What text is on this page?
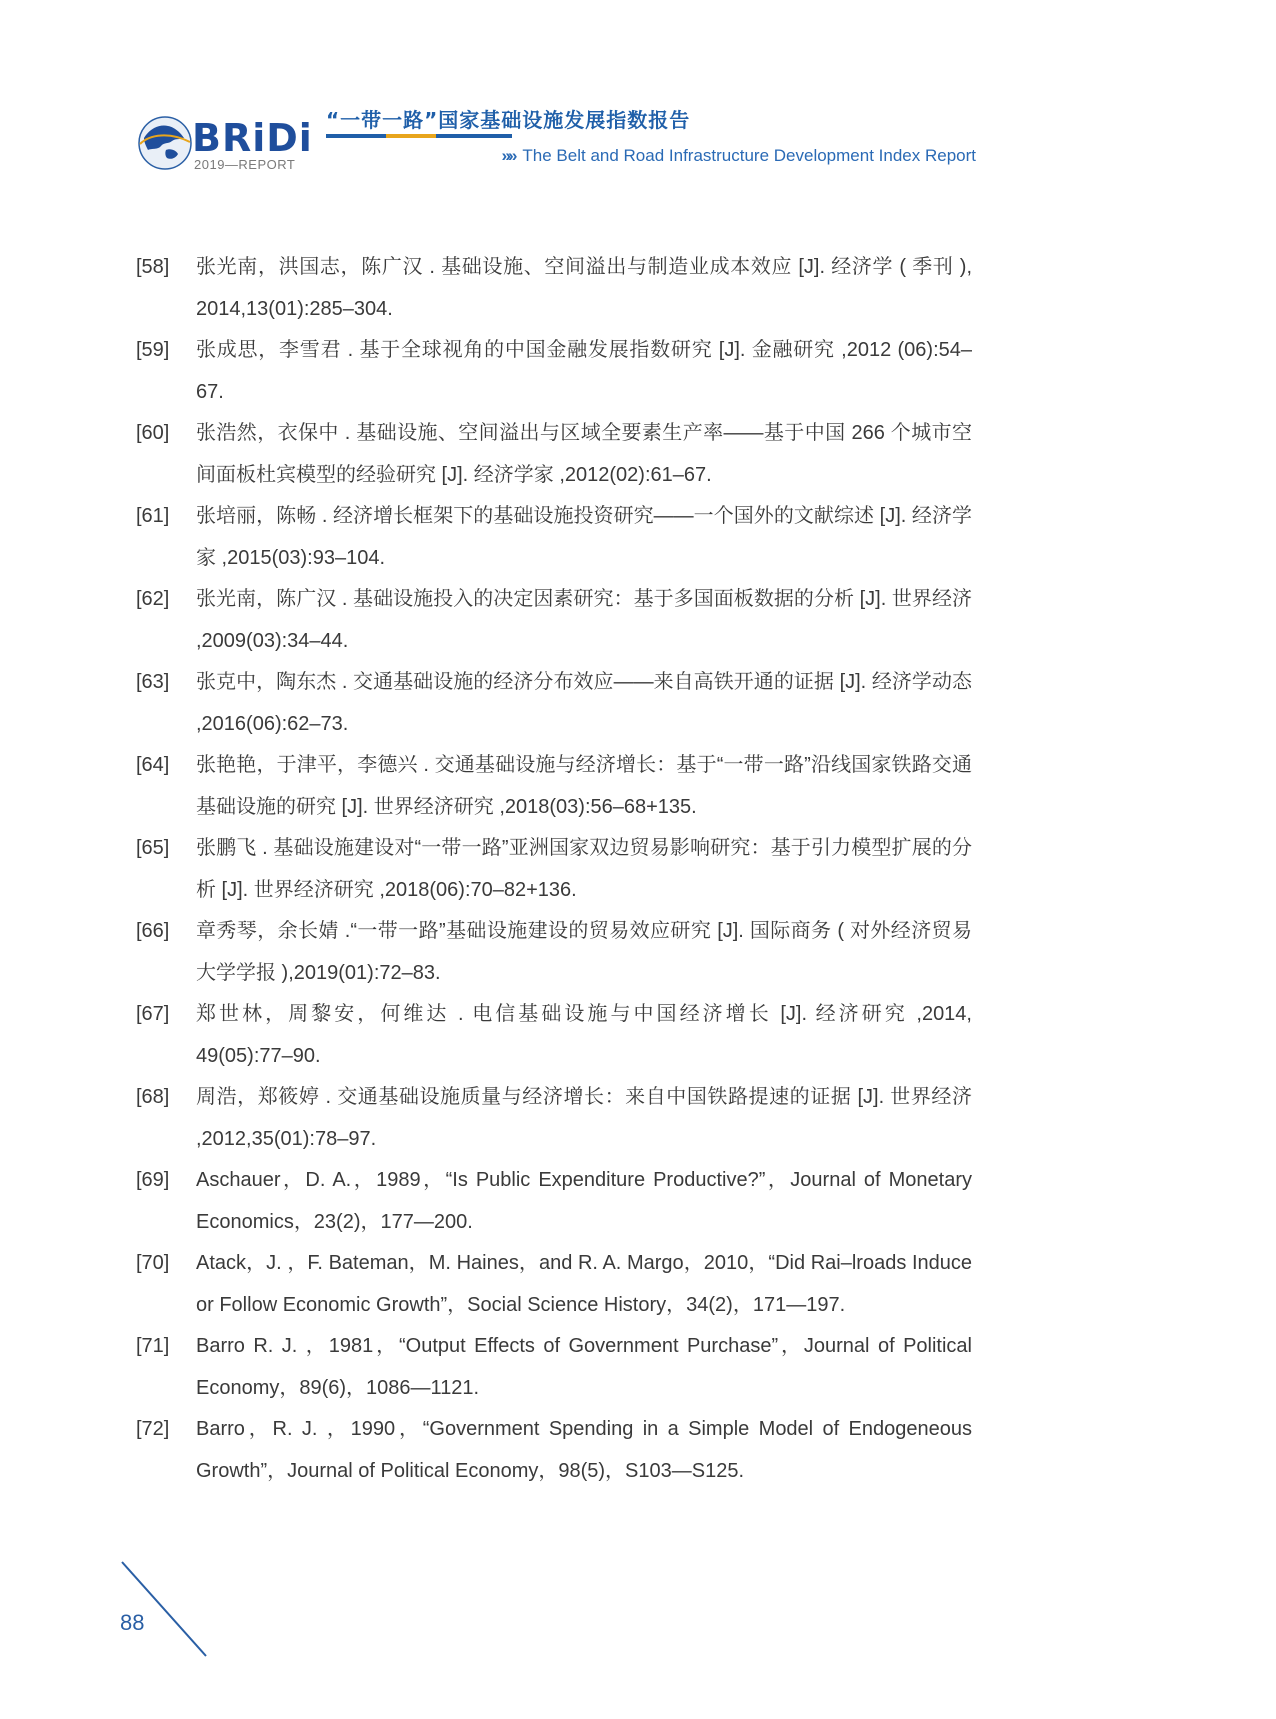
BRiDi
2019—REPORT
“一带一路”国家基础设施发展指数报告
»» The Belt and Road Infrastructure Development Index Report
[58]	张光南，洪国志，陈广汉 . 基础设施、空间溢出与制造业成本效应 [J]. 经济学 ( 季刊 ), 2014,13(01):285–304.
[59]	张成思，李雪君 . 基于全球视角的中国金融发展指数研究 [J]. 金融研究 ,2012 (06):54–67.
[60]	张浩然，衣保中 . 基础设施、空间溢出与区域全要素生产率——基于中国 266 个城市空间面板杜宾模型的经验研究 [J]. 经济学家 ,2012(02):61–67.
[61]	张培丽，陈畅 . 经济增长框架下的基础设施投资研究——一个国外的文献综述 [J]. 经济学家 ,2015(03):93–104.
[62]	张光南，陈广汉 . 基础设施投入的决定因素研究：基于多国面板数据的分析 [J]. 世界经济 ,2009(03):34–44.
[63]	张克中，陶东杰 . 交通基础设施的经济分布效应——来自高铁开通的证据 [J]. 经济学动态 ,2016(06):62–73.
[64]	张艳艳，于津平，李德兴 . 交通基础设施与经济增长：基于“一带一路”沿线国家铁路交通基础设施的研究 [J]. 世界经济研究 ,2018(03):56–68+135.
[65]	张鹏飞 . 基础设施建设对“一带一路”亚洲国家双边贸易影响研究：基于引力模型扩展的分析 [J]. 世界经济研究 ,2018(06):70–82+136.
[66]	章秀琴，余长婧 .“一带一路”基础设施建设的贸易效应研究 [J]. 国际商务 ( 对外经济贸易大学学报 ),2019(01):72–83.
[67]	郑世林，周黎安，何维达 . 电信基础设施与中国经济增长 [J]. 经济研究 ,2014, 49(05):77–90.
[68]	周浩，郑筱婷 . 交通基础设施质量与经济增长：来自中国铁路提速的证据 [J]. 世界经济 ,2012,35(01):78–97.
[69]	Aschauer，D. A.，1989，“Is Public Expenditure Productive?”，Journal of Monetary Economics，23(2)，177—200.
[70]	Atack，J. ，F. Bateman，M. Haines，and R. A. Margo，2010，“Did Rai–lroads Induce or Follow Economic Growth”，Social Science History，34(2)，171—197.
[71]	Barro R. J. ，1981，“Output Effects of Government Purchase”，Journal of Political Economy，89(6)，1086—1121.
[72]	Barro，R. J. ，1990，“Government Spending in a Simple Model of Endogeneous Growth”，Journal of Political Economy，98(5)，S103—S125.
88
